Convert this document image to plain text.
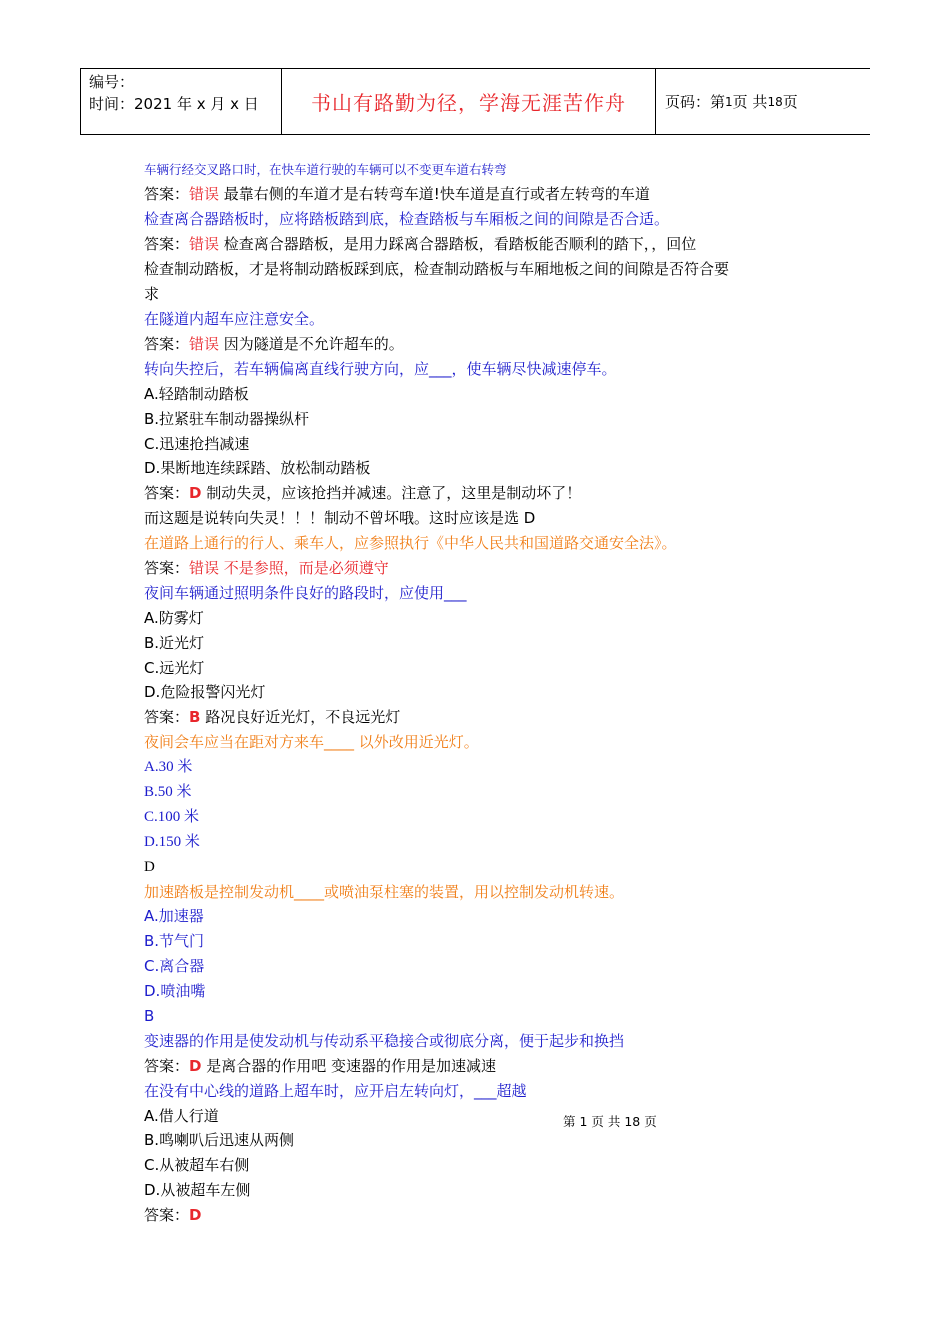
编号：
时间：2021 年 x 月 x 日	书山有路勤为径，学海无涯苦作舟	页码：第 1 页 共 18 页
车辆行经交叉路口时，在快车道行驶的车辆可以不变更车道右转弯
答案：错误 最靠右侧的车道才是右转弯车道!快车道是直行或者左转弯的车道
检查离合器踏板时，应将踏板踏到底，检查踏板与车厢板之间的间隙是否合适。
答案：错误 检查离合器踏板，是用力踩离合器踏板，看踏板能否顺利的踏下，，回位
检查制动踏板，才是将制动踏板踩到底，检查制动踏板与车厢地板之间的间隙是否符合要
求
在隧道内超车应注意安全。
答案：错误 因为隧道是不允许超车的。
转向失控后，若车辆偏离直线行驶方向，应___，使车辆尽快减速停车。
A.轻踏制动踏板
B.拉紧驻车制动器操纵杆
C.迅速抢挡减速
D.果断地连续踩踏、放松制动踏板
答案：D 制动失灵，应该抢挡并减速。注意了，这里是制动坏了！
而这题是说转向失灵！！！制动不曾坏哦。这时应该是选 D
在道路上通行的行人、乘车人，应参照执行《中华人民共和国道路交通安全法》。
答案：错误 不是参照，而是必须遵守
夜间车辆通过照明条件良好的路段时，应使用___
A.防雾灯
B.近光灯
C.远光灯
D.危险报警闪光灯
答案：B 路况良好近光灯，不良远光灯
夜间会车应当在距对方来车____ 以外改用近光灯。
A.30 米
B.50 米
C.100 米
D.150 米
D
加速踏板是控制发动机____或喷油泵柱塞的装置，用以控制发动机转速。
A.加速器
B.节气门
C.离合器
D.喷油嘴
B
变速器的作用是使发动机与传动系平稳接合或彻底分离，便于起步和换挡
答案：D 是离合器的作用吧 变速器的作用是加速减速
在没有中心线的道路上超车时，应开启左转向灯，___超越
A.借人行道
B.鸣喇叭后迅速从两侧
C.从被超车右侧
D.从被超车左侧
答案：D
第 1 页 共 18 页
